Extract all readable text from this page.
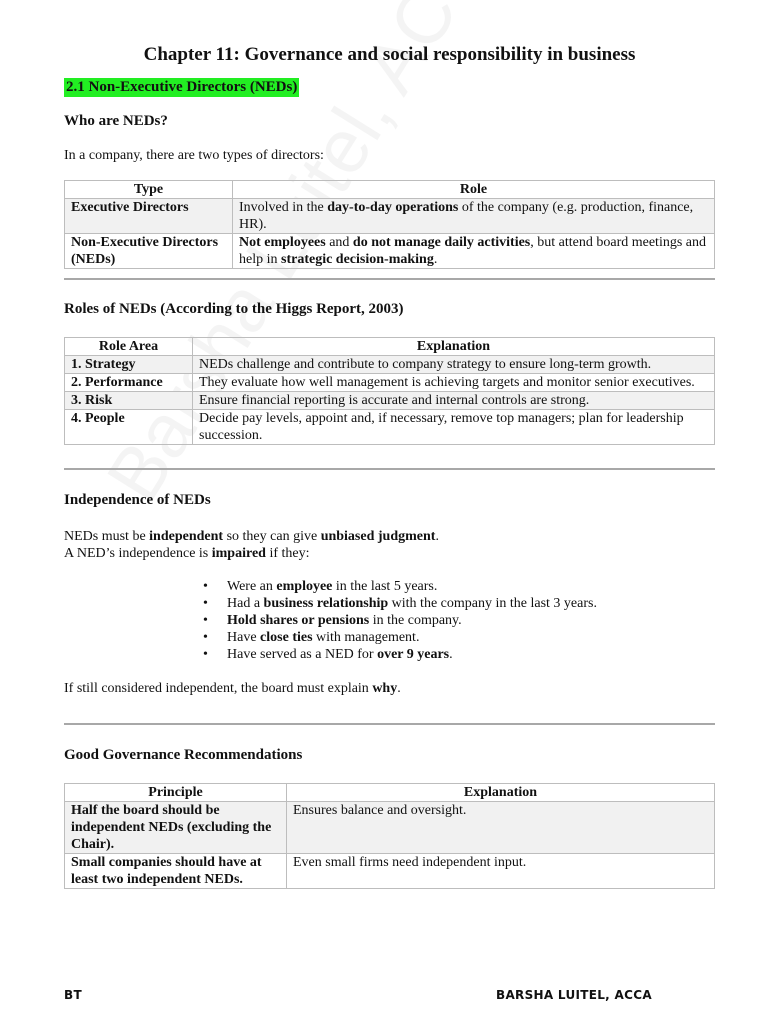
Chapter 11: Governance and social responsibility in business
2.1 Non-Executive Directors (NEDs)
Who are NEDs?
In a company, there are two types of directors:
Type	Role
Executive Directors	Involved in the day-to-day operations of the company (e.g. production, finance, HR).
Non-Executive Directors (NEDs)	Not employees and do not manage daily activities, but attend board meetings and help in strategic decision-making.
Roles of NEDs (According to the Higgs Report, 2003)
Role Area	Explanation
1. Strategy	NEDs challenge and contribute to company strategy to ensure long-term growth.
2. Performance	They evaluate how well management is achieving targets and monitor senior executives.
3. Risk	Ensure financial reporting is accurate and internal controls are strong.
4. People	Decide pay levels, appoint and, if necessary, remove top managers; plan for leadership succession.
Independence of NEDs
NEDs must be independent so they can give unbiased judgment.
A NED’s independence is impaired if they:
• Were an employee in the last 5 years.
• Had a business relationship with the company in the last 3 years.
• Hold shares or pensions in the company.
• Have close ties with management.
• Have served as a NED for over 9 years.
If still considered independent, the board must explain why.
Good Governance Recommendations
Principle	Explanation
Half the board should be independent NEDs (excluding the Chair).	Ensures balance and oversight.
Small companies should have at least two independent NEDs.	Even small firms need independent input.
BT	BARSHA LUITEL, ACCA
